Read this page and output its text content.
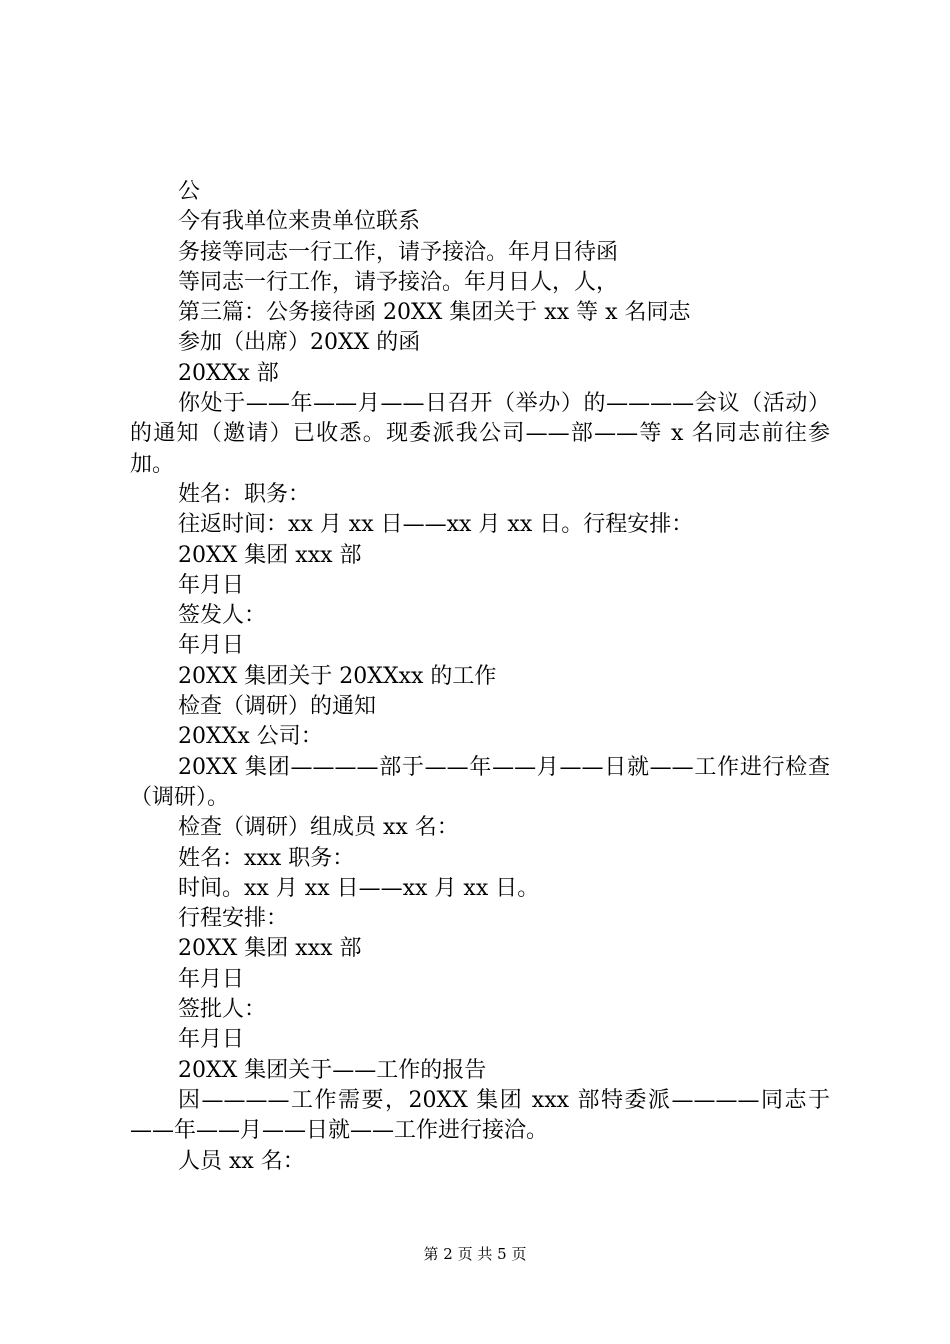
公
今有我单位来贵单位联系
务接等同志一行工作，请予接洽。年月日待函
等同志一行工作，请予接洽。年月日人，人，
第三篇：公务接待函 20XX 集团关于 xx 等 x 名同志
参加（出席）20XX 的函
20XXx 部

你处于——年——月——日召开（举办）的————会议（活动）的通知（邀请）已收悉。现委派我公司——部——等 x 名同志前往参加。

姓名：职务：
往返时间：xx 月 xx 日——xx 月 xx 日。行程安排：
20XX 集团 xxx 部
年月日
签发人：
年月日
20XX 集团关于 20XXxx 的工作
检查（调研）的通知
20XXx 公司：

20XX 集团————部于——年——月——日就——工作进行检查（调研）。

检查（调研）组成员 xx 名：
姓名：xxx 职务：
时间。xx 月 xx 日——xx 月 xx 日。
行程安排：
20XX 集团 xxx 部
年月日
签批人：
年月日
20XX 集团关于——工作的报告

因————工作需要，20XX 集团 xxx 部特委派————同志于——年——月——日就——工作进行接洽。

人员 xx 名：
第 2 页 共 5 页
